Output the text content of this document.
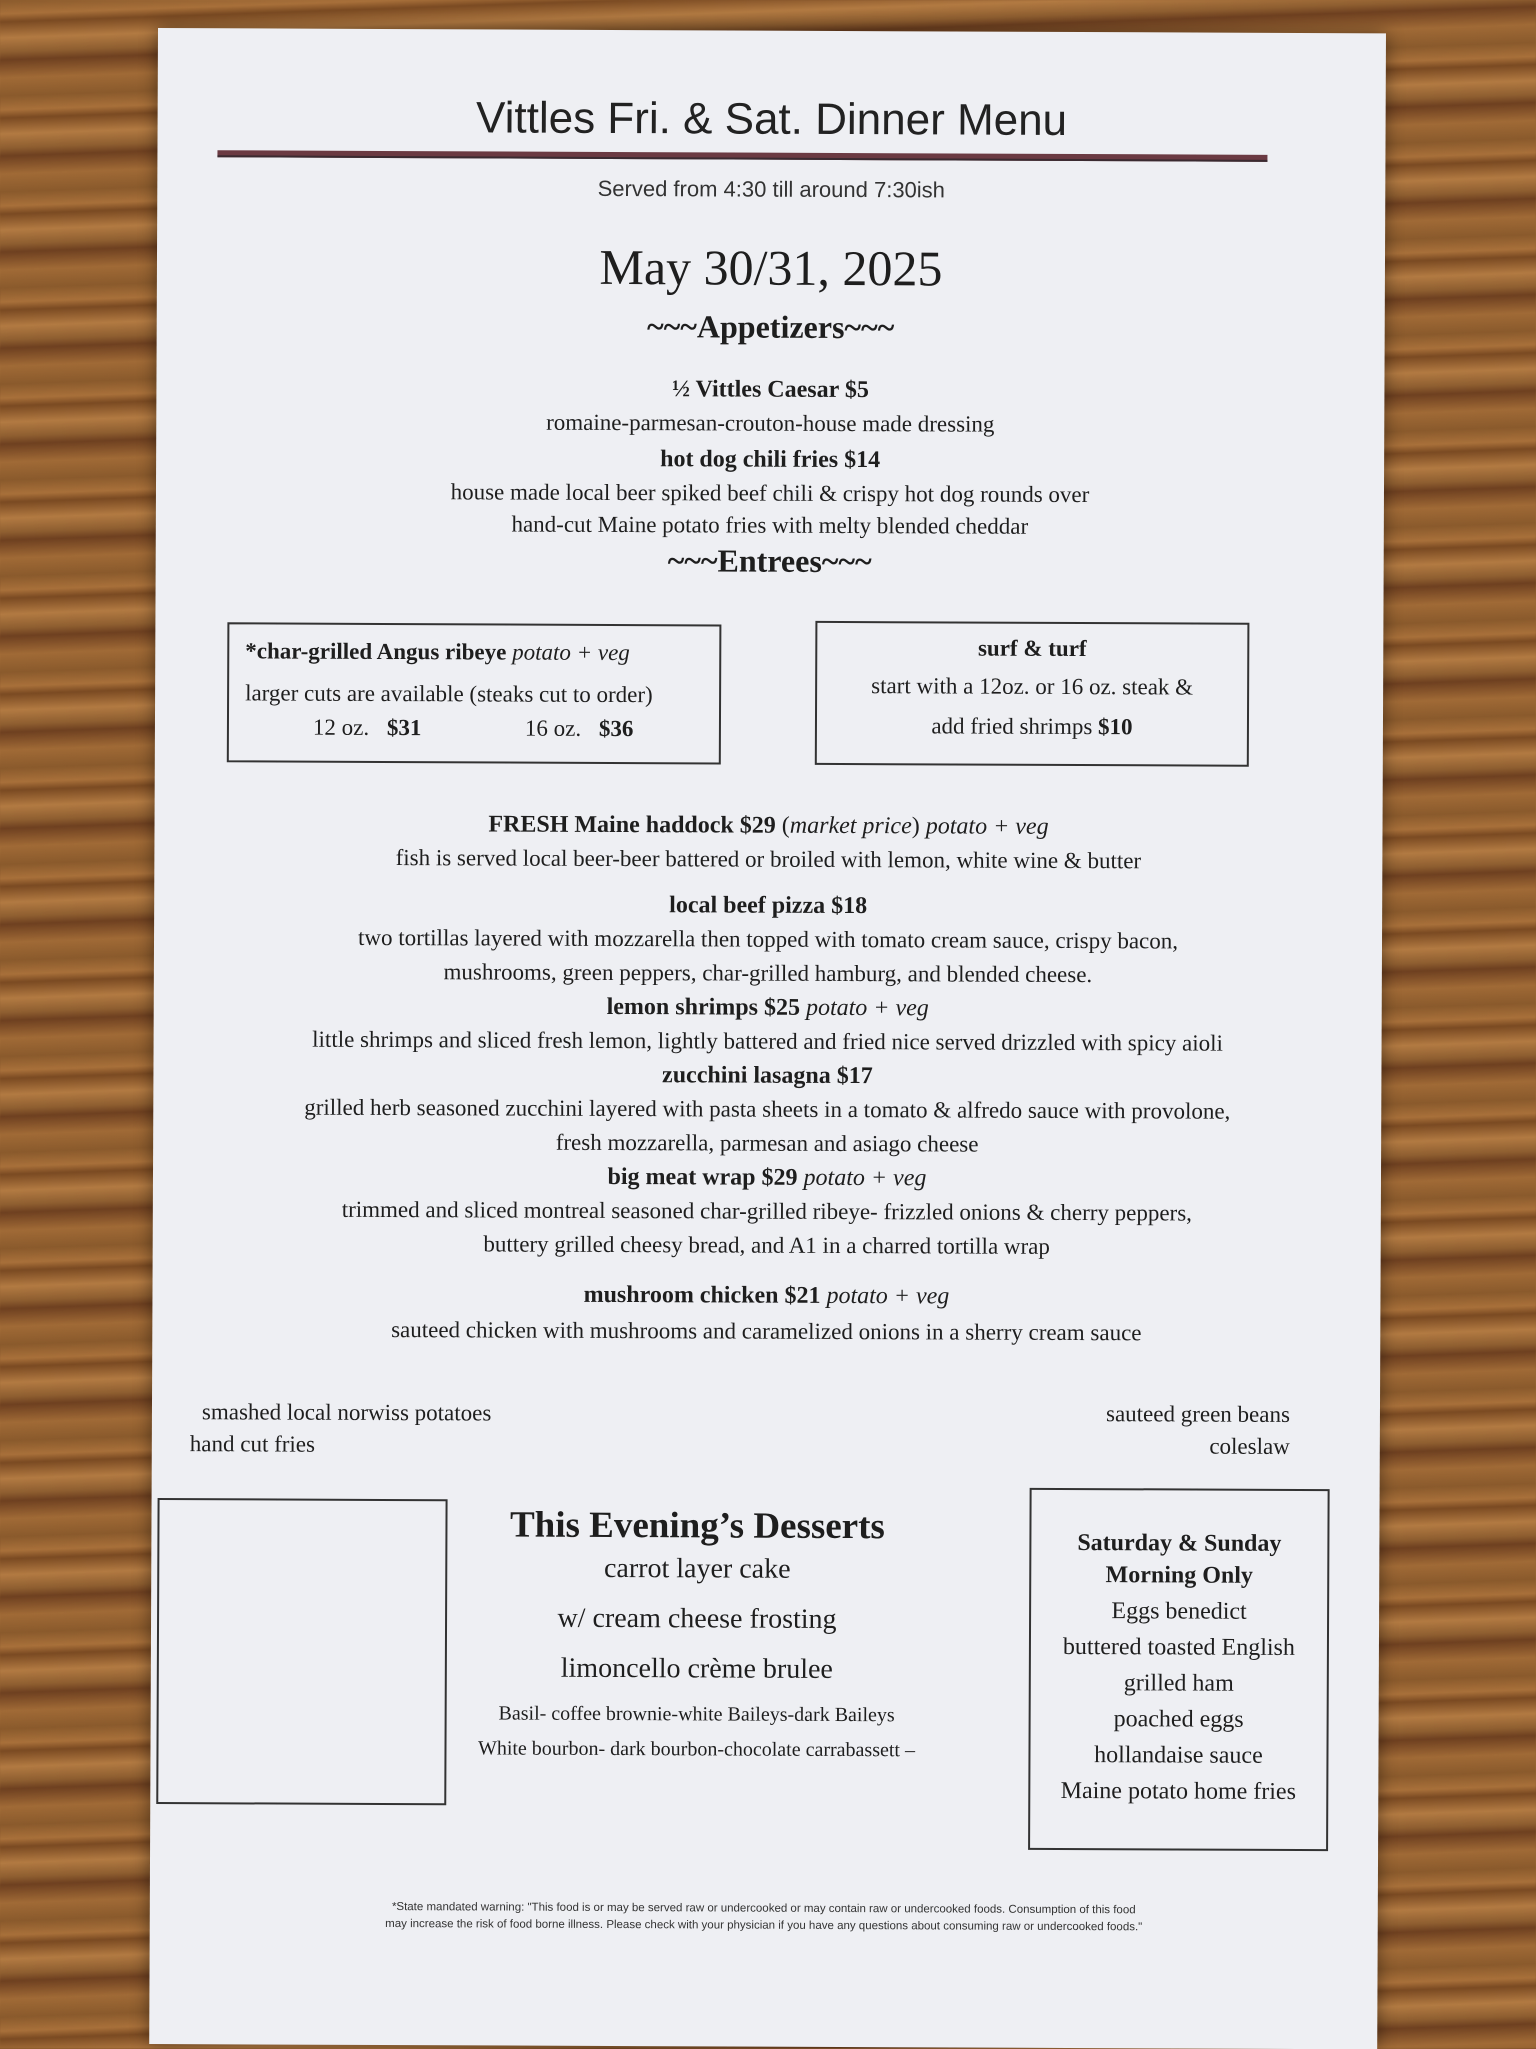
Vittles Fri. & Sat. Dinner Menu
Served from 4:30 till around 7:30ish
May 30/31, 2025
~~~Appetizers~~~
½ Vittles Caesar $5
romaine-parmesan-crouton-house made dressing
hot dog chili fries $14
house made local beer spiked beef chili & crispy hot dog rounds over
hand-cut Maine potato fries with melty blended cheddar
~~~Entrees~~~
*char-grilled Angus ribeye potato + veg
larger cuts are available (steaks cut to order)
12 oz. $31	16 oz. $36
surf & turf
start with a 12oz. or 16 oz. steak &
add fried shrimps $10
FRESH Maine haddock $29 (market price) potato + veg
fish is served local beer-beer battered or broiled with lemon, white wine & butter
local beef pizza $18
two tortillas layered with mozzarella then topped with tomato cream sauce, crispy bacon,
mushrooms, green peppers, char-grilled hamburg, and blended cheese.
lemon shrimps $25 potato + veg
little shrimps and sliced fresh lemon, lightly battered and fried nice served drizzled with spicy aioli
zucchini lasagna $17
grilled herb seasoned zucchini layered with pasta sheets in a tomato & alfredo sauce with provolone,
fresh mozzarella, parmesan and asiago cheese
big meat wrap $29 potato + veg
trimmed and sliced montreal seasoned char-grilled ribeye- frizzled onions & cherry peppers,
buttery grilled cheesy bread, and A1 in a charred tortilla wrap
mushroom chicken $21 potato + veg
sauteed chicken with mushrooms and caramelized onions in a sherry cream sauce
smashed local norwiss potatoes
hand cut fries
sauteed green beans
coleslaw
This Evening’s Desserts
carrot layer cake
w/ cream cheese frosting
limoncello crème brulee
Basil- coffee brownie-white Baileys-dark Baileys
White bourbon- dark bourbon-chocolate carrabassett –
Saturday & Sunday
Morning Only
Eggs benedict
buttered toasted English
grilled ham
poached eggs
hollandaise sauce
Maine potato home fries
*State mandated warning: "This food is or may be served raw or undercooked or may contain raw or undercooked foods. Consumption of this food
may increase the risk of food borne illness. Please check with your physician if you have any questions about consuming raw or undercooked foods."
